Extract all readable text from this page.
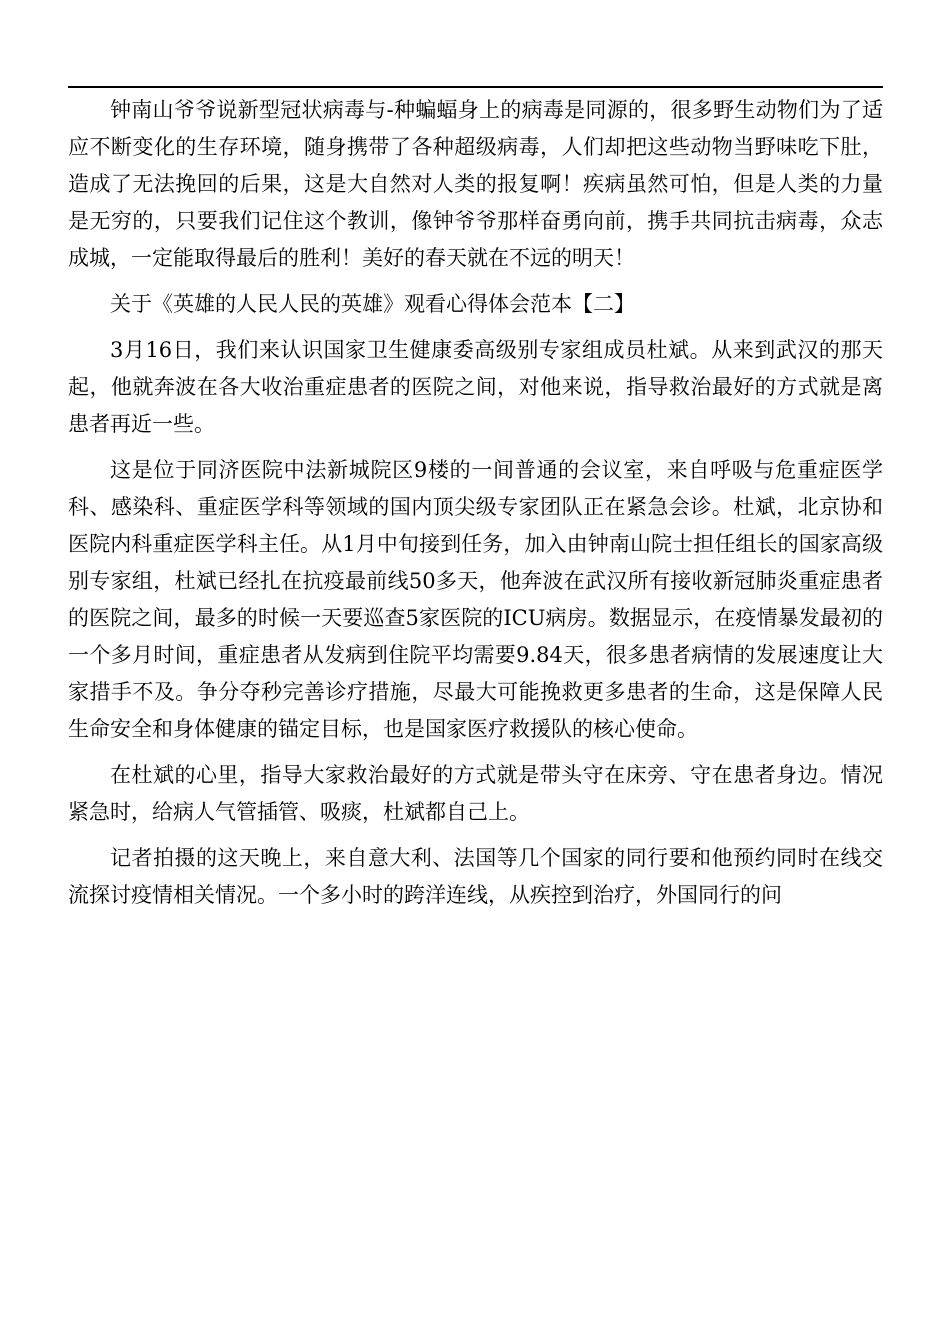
钟南山爷爷说新型冠状病毒与-种蝙蝠身上的病毒是同源的，很多野生动物们为了适应不断变化的生存环境，随身携带了各种超级病毒，人们却把这些动物当野味吃下肚，造成了无法挽回的后果，这是大自然对人类的报复啊！疾病虽然可怕，但是人类的力量是无穷的，只要我们记住这个教训，像钟爷爷那样奋勇向前，携手共同抗击病毒，众志成城，一定能取得最后的胜利！美好的春天就在不远的明天！

关于《英雄的人民人民的英雄》观看心得体会范本【二】

3月16日，我们来认识国家卫生健康委高级别专家组成员杜斌。从来到武汉的那天起，他就奔波在各大收治重症患者的医院之间，对他来说，指导救治最好的方式就是离患者再近一些。

这是位于同济医院中法新城院区9楼的一间普通的会议室，来自呼吸与危重症医学科、感染科、重症医学科等领域的国内顶尖级专家团队正在紧急会诊。杜斌，北京协和医院内科重症医学科主任。从1月中旬接到任务，加入由钟南山院士担任组长的国家高级别专家组，杜斌已经扎在抗疫最前线50多天，他奔波在武汉所有接收新冠肺炎重症患者的医院之间，最多的时候一天要巡查5家医院的ICU病房。数据显示，在疫情暴发最初的一个多月时间，重症患者从发病到住院平均需要9.84天，很多患者病情的发展速度让大家措手不及。争分夺秒完善诊疗措施，尽最大可能挽救更多患者的生命，这是保障人民生命安全和身体健康的锚定目标，也是国家医疗救援队的核心使命。

在杜斌的心里，指导大家救治最好的方式就是带头守在床旁、守在患者身边。情况紧急时，给病人气管插管、吸痰，杜斌都自己上。

记者拍摄的这天晚上，来自意大利、法国等几个国家的同行要和他预约同时在线交流探讨疫情相关情况。一个多小时的跨洋连线，从疾控到治疗，外国同行的问
